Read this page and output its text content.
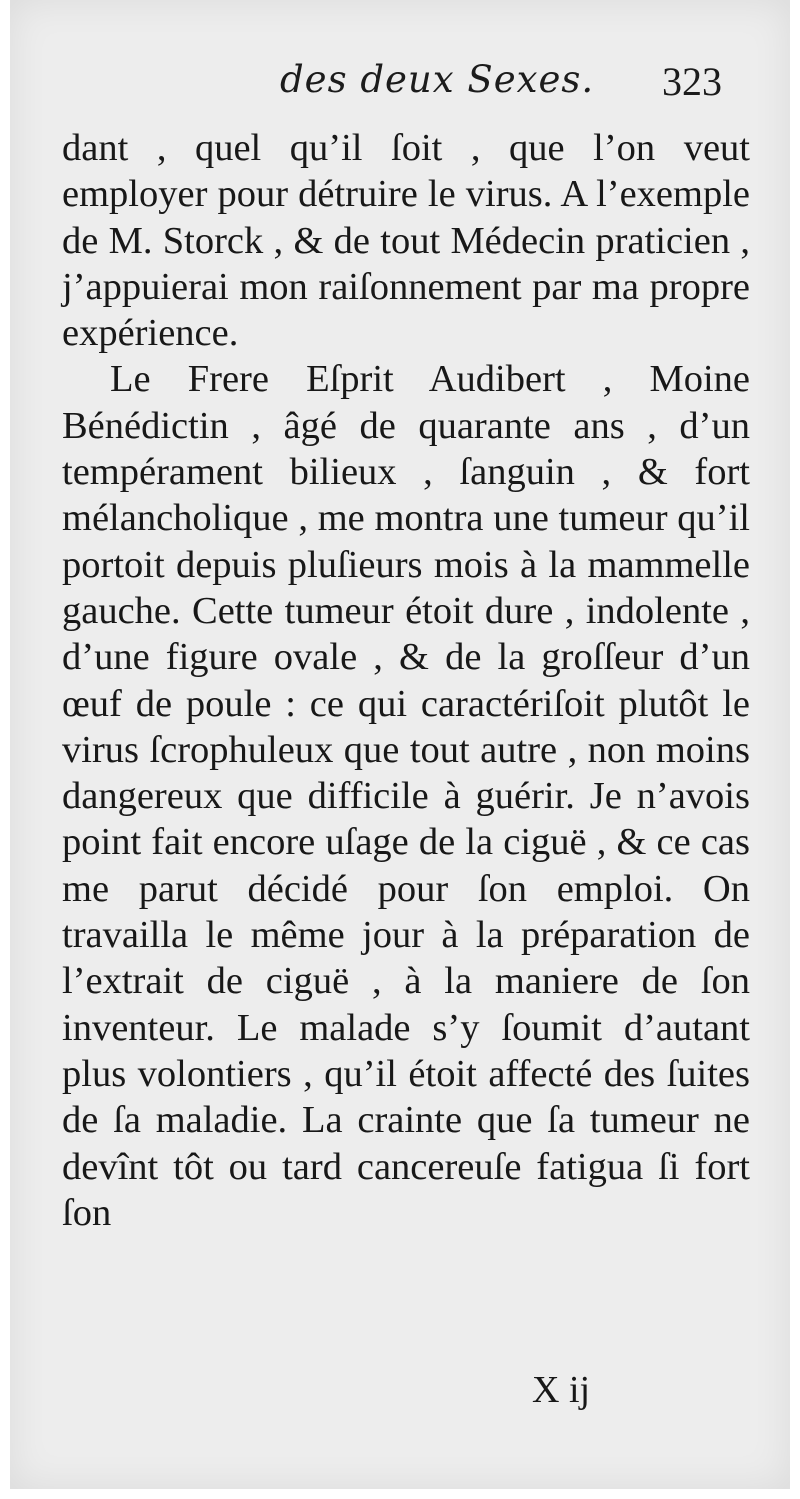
des deux Sexes. 323

dant , quel qu’il ſoit , que l’on veut employer pour détruire le virus. A l’exemple de M. Storck , & de tout Médecin praticien , j’appuierai mon raiſonnement par ma propre expérience.

Le Frere Eſprit Audibert , Moine Bénédictin , âgé de quarante ans , d’un tempérament bilieux , ſanguin , & fort mélancholique , me montra une tumeur qu’il portoit depuis pluſieurs mois à la mammelle gauche. Cette tumeur étoit dure , indolente , d’une figure ovale , & de la groſſeur d’un œuf de poule : ce qui caractériſoit plutôt le virus ſcrophuleux que tout autre , non moins dangereux que difficile à guérir. Je n’avois point fait encore uſage de la ciguë , & ce cas me parut décidé pour ſon emploi. On travailla le même jour à la préparation de l’extrait de ciguë , à la maniere de ſon inventeur. Le malade s’y ſoumit d’autant plus volontiers , qu’il étoit affecté des ſuites de ſa maladie. La crainte que ſa tumeur ne devînt tôt ou tard cancereuſe fatigua ſi fort ſon

X ij
